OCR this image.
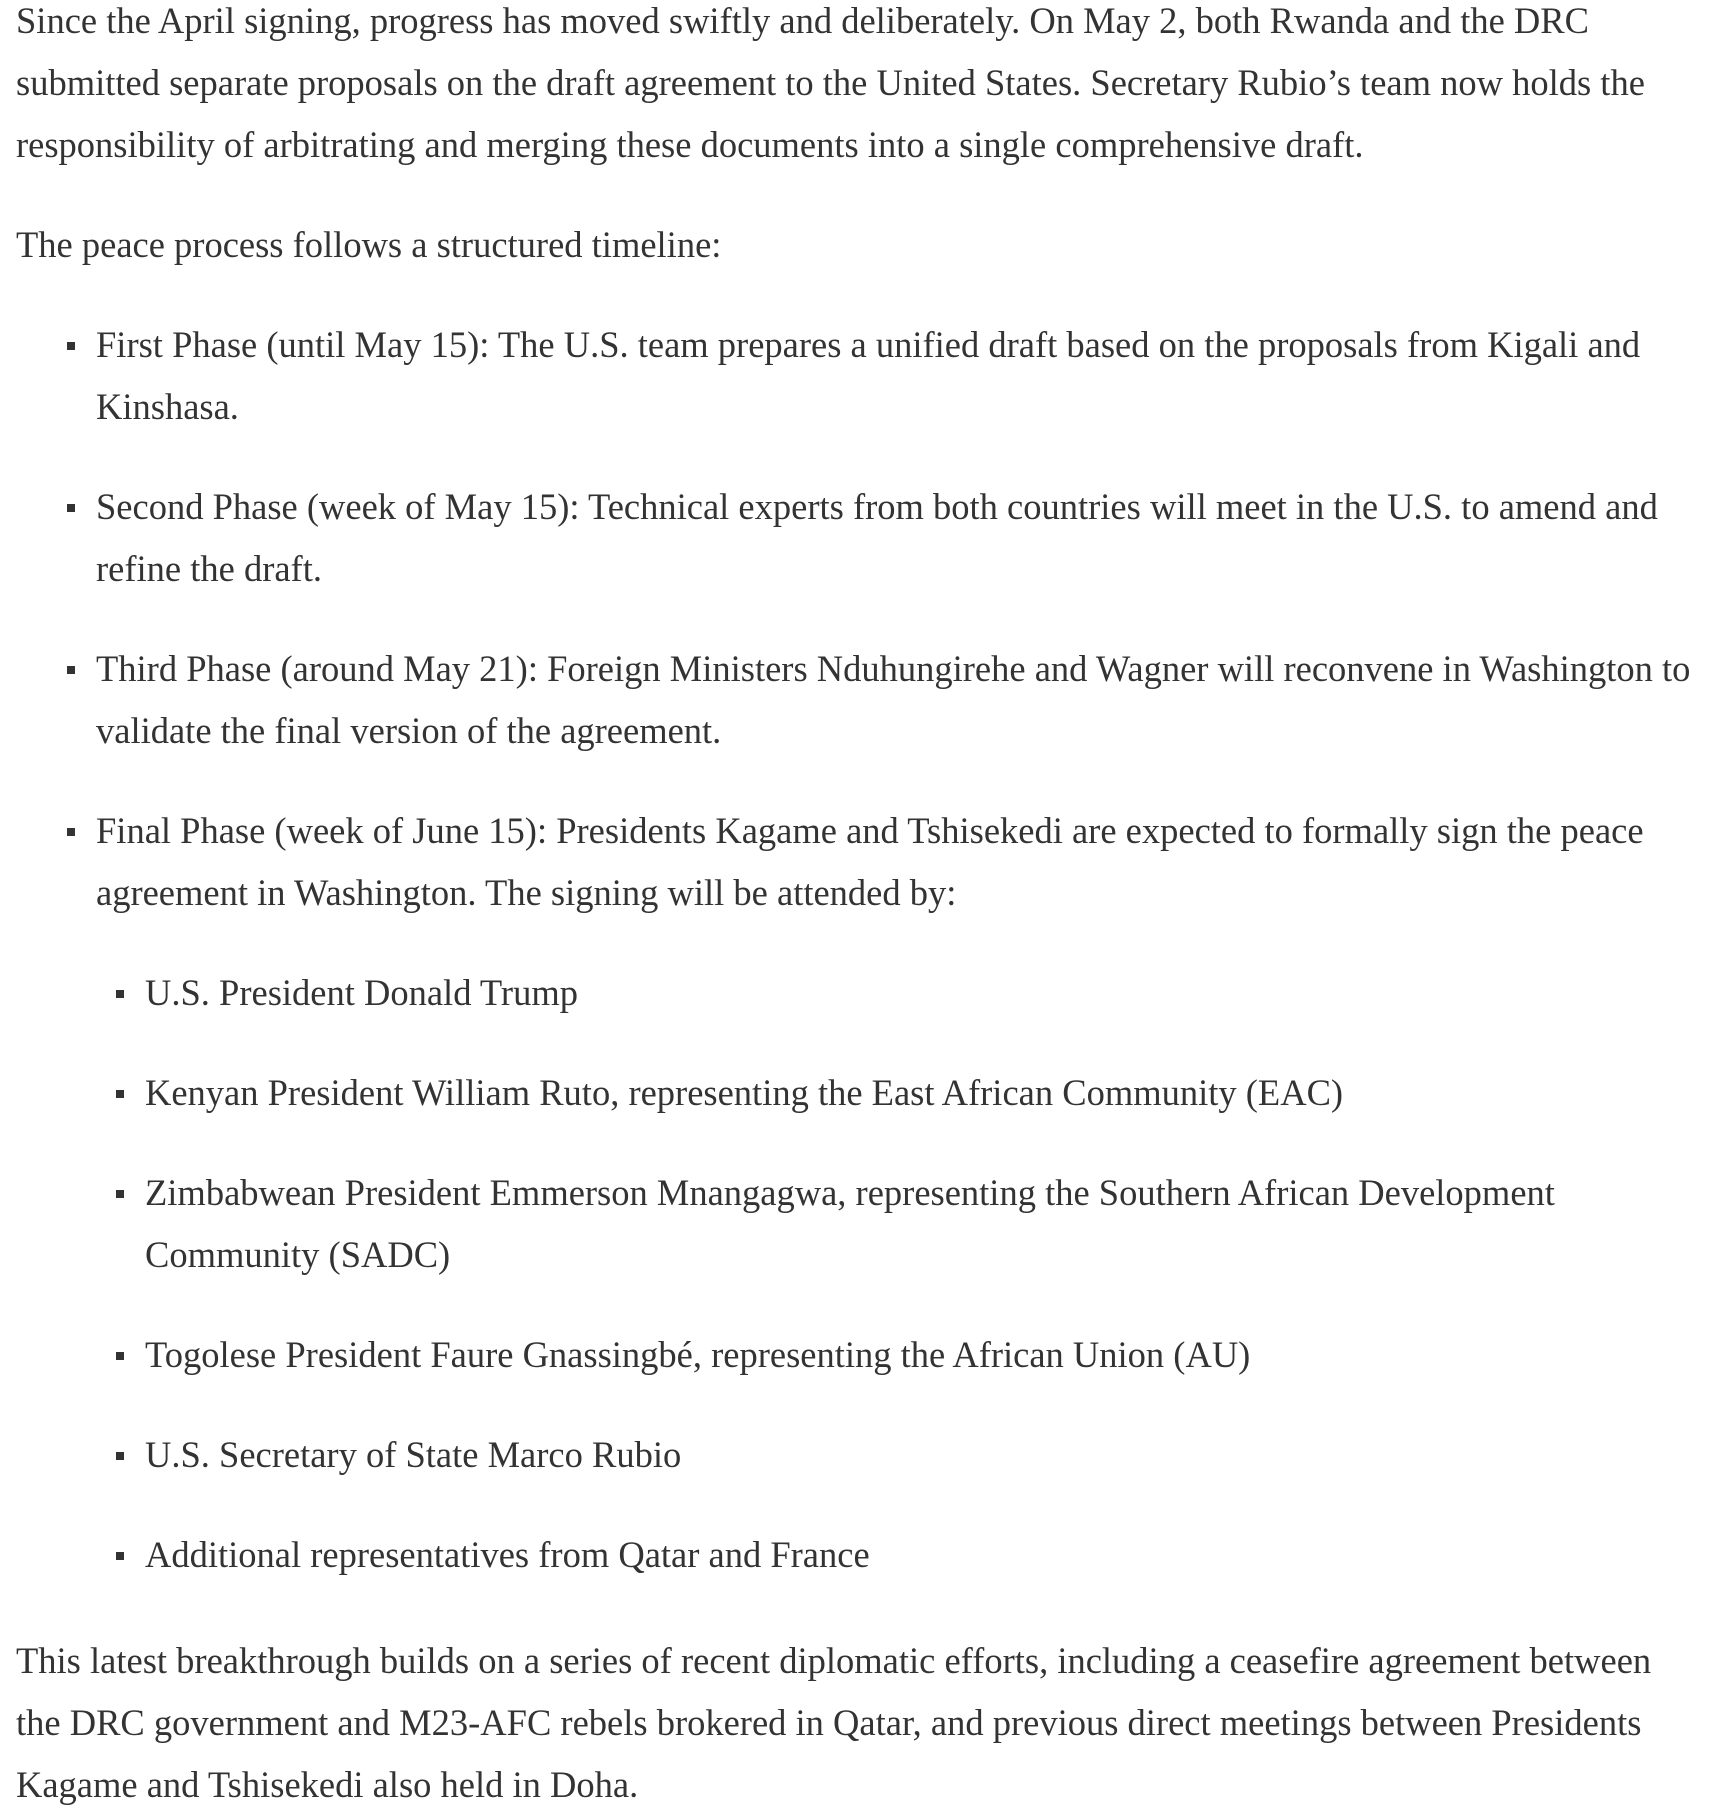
Since the April signing, progress has moved swiftly and deliberately. On May 2, both Rwanda and the DRC
submitted separate proposals on the draft agreement to the United States. Secretary Rubio’s team now holds the
responsibility of arbitrating and merging these documents into a single comprehensive draft.

The peace process follows a structured timeline:

First Phase (until May 15): The U.S. team prepares a unified draft based on the proposals from Kigali and
Kinshasa.
Second Phase (week of May 15): Technical experts from both countries will meet in the U.S. to amend and
refine the draft.
Third Phase (around May 21): Foreign Ministers Nduhungirehe and Wagner will reconvene in Washington to
validate the final version of the agreement.
Final Phase (week of June 15): Presidents Kagame and Tshisekedi are expected to formally sign the peace
agreement in Washington. The signing will be attended by:
U.S. President Donald Trump
Kenyan President William Ruto, representing the East African Community (EAC)
Zimbabwean President Emmerson Mnangagwa, representing the Southern African Development
Community (SADC)
Togolese President Faure Gnassingbé, representing the African Union (AU)
U.S. Secretary of State Marco Rubio
Additional representatives from Qatar and France

This latest breakthrough builds on a series of recent diplomatic efforts, including a ceasefire agreement between
the DRC government and M23-AFC rebels brokered in Qatar, and previous direct meetings between Presidents
Kagame and Tshisekedi also held in Doha.
